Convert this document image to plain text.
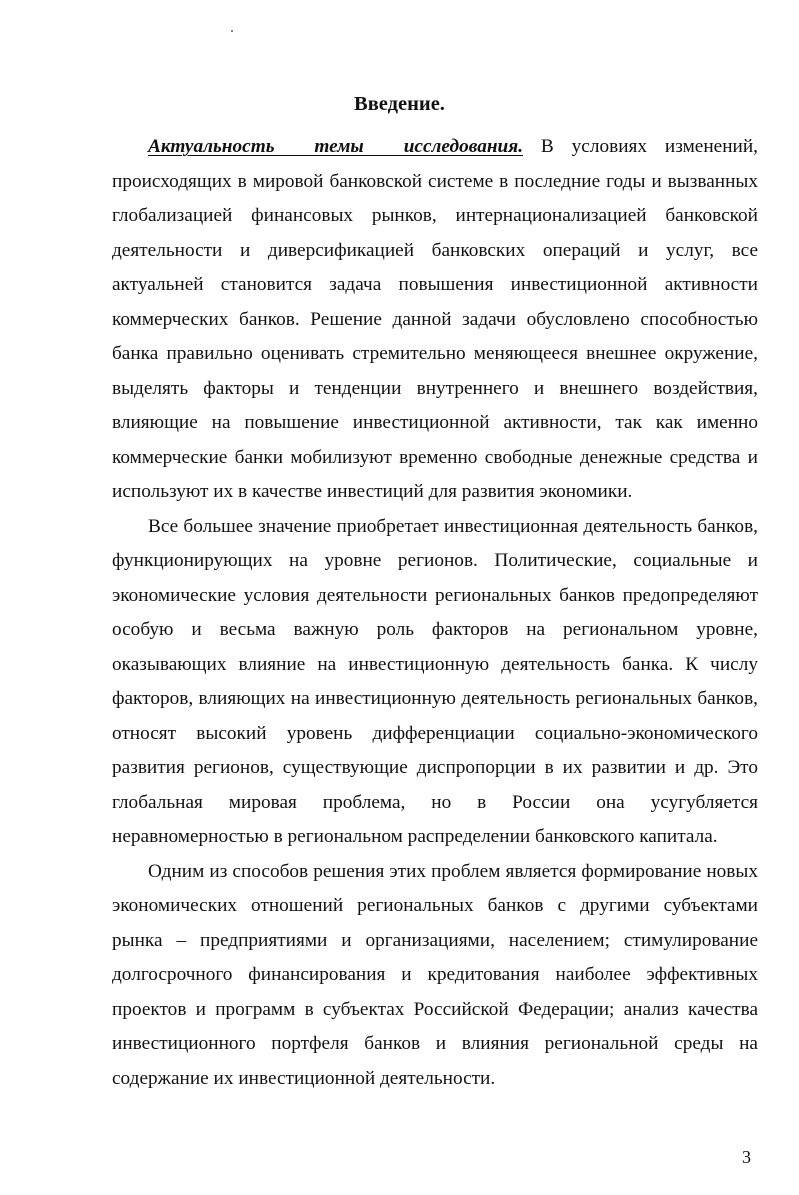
Введение.

Актуальность темы исследования. В условиях изменений, происходящих в мировой банковской системе в последние годы и вызванных глобализацией финансовых рынков, интернационализацией банковской деятельности и диверсификацией банковских операций и услуг, все актуальней становится задача повышения инвестиционной активности коммерческих банков. Решение данной задачи обусловлено способностью банка правильно оценивать стремительно меняющееся внешнее окружение, выделять факторы и тенденции внутреннего и внешнего воздействия, влияющие на повышение инвестиционной активности, так как именно коммерческие банки мобилизуют временно свободные денежные средства и используют их в качестве инвестиций для развития экономики.

Все большее значение приобретает инвестиционная деятельность банков, функционирующих на уровне регионов. Политические, социальные и экономические условия деятельности региональных банков предопределяют особую и весьма важную роль факторов на региональном уровне, оказывающих влияние на инвестиционную деятельность банка. К числу факторов, влияющих на инвестиционную деятельность региональных банков, относят высокий уровень дифференциации социально-экономического развития регионов, существующие диспропорции в их развитии и др. Это глобальная мировая проблема, но в России она усугубляется неравномерностью в региональном распределении банковского капитала.

Одним из способов решения этих проблем является формирование новых экономических отношений региональных банков с другими субъектами рынка – предприятиями и организациями, населением; стимулирование долгосрочного финансирования и кредитования наиболее эффективных проектов и программ в субъектах Российской Федерации; анализ качества инвестиционного портфеля банков и влияния региональной среды на содержание их инвестиционной деятельности.

3
